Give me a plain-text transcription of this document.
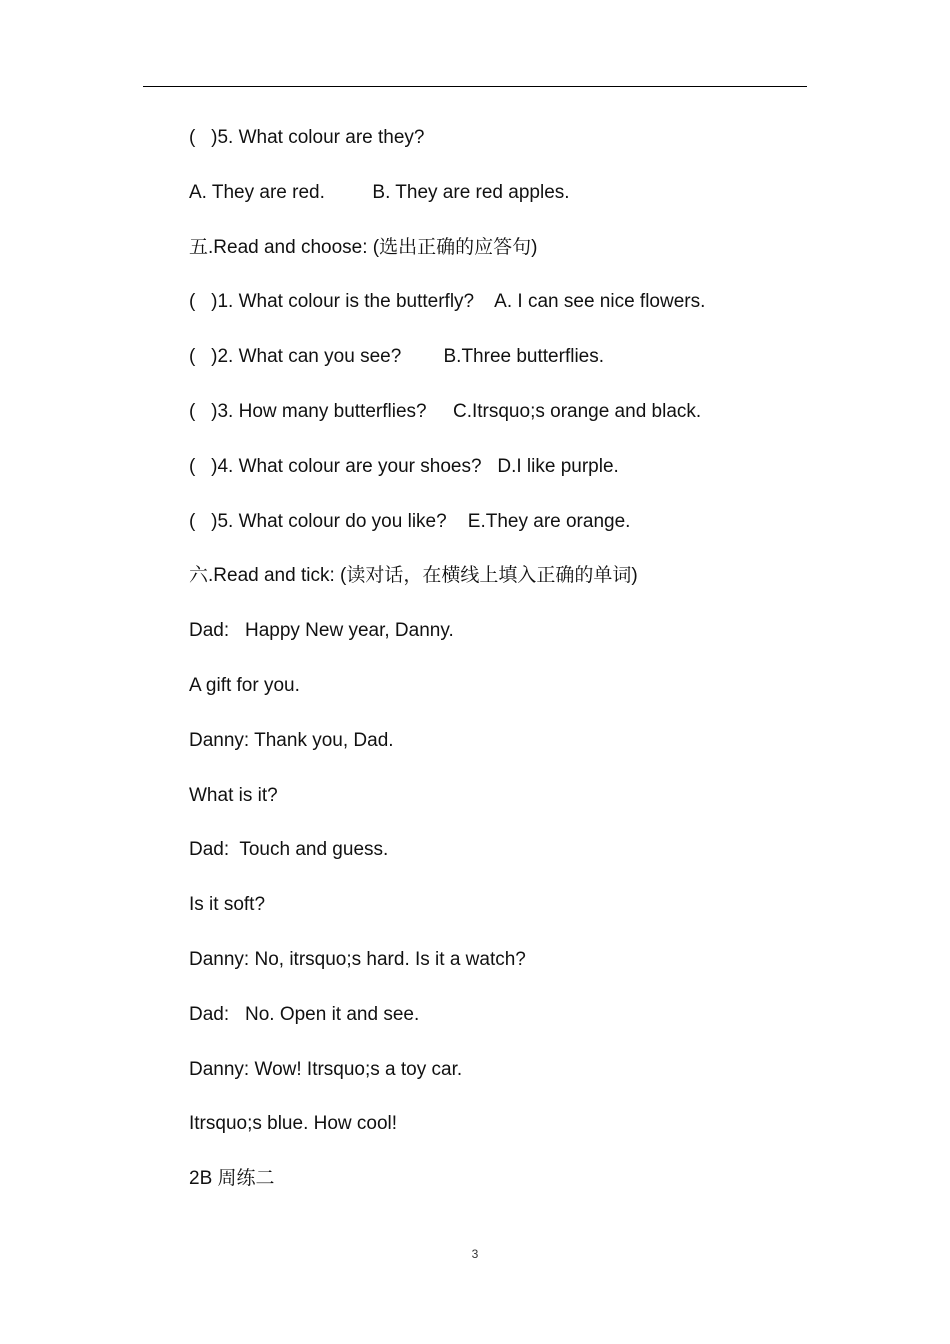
(   )5. What colour are they?
A. They are red.         B. They are red apples.
五.Read and choose: (选出正确的应答句)
(   )1. What colour is the butterfly?    A. I can see nice flowers.
(   )2. What can you see?        B.Three butterflies.
(   )3. How many butterflies?     C.Itrsquo;s orange and black.
(   )4. What colour are your shoes?   D.I like purple.
(   )5. What colour do you like?    E.They are orange.
六.Read and tick: (读对话，在横线上填入正确的单词)
Dad:   Happy New year, Danny.
A gift for you.
Danny: Thank you, Dad.
What is it?
Dad:  Touch and guess.
Is it soft?
Danny: No, itrsquo;s hard. Is it a watch?
Dad:   No. Open it and see.
Danny: Wow! Itrsquo;s a toy car.
Itrsquo;s blue. How cool!
2B 周练二
3
